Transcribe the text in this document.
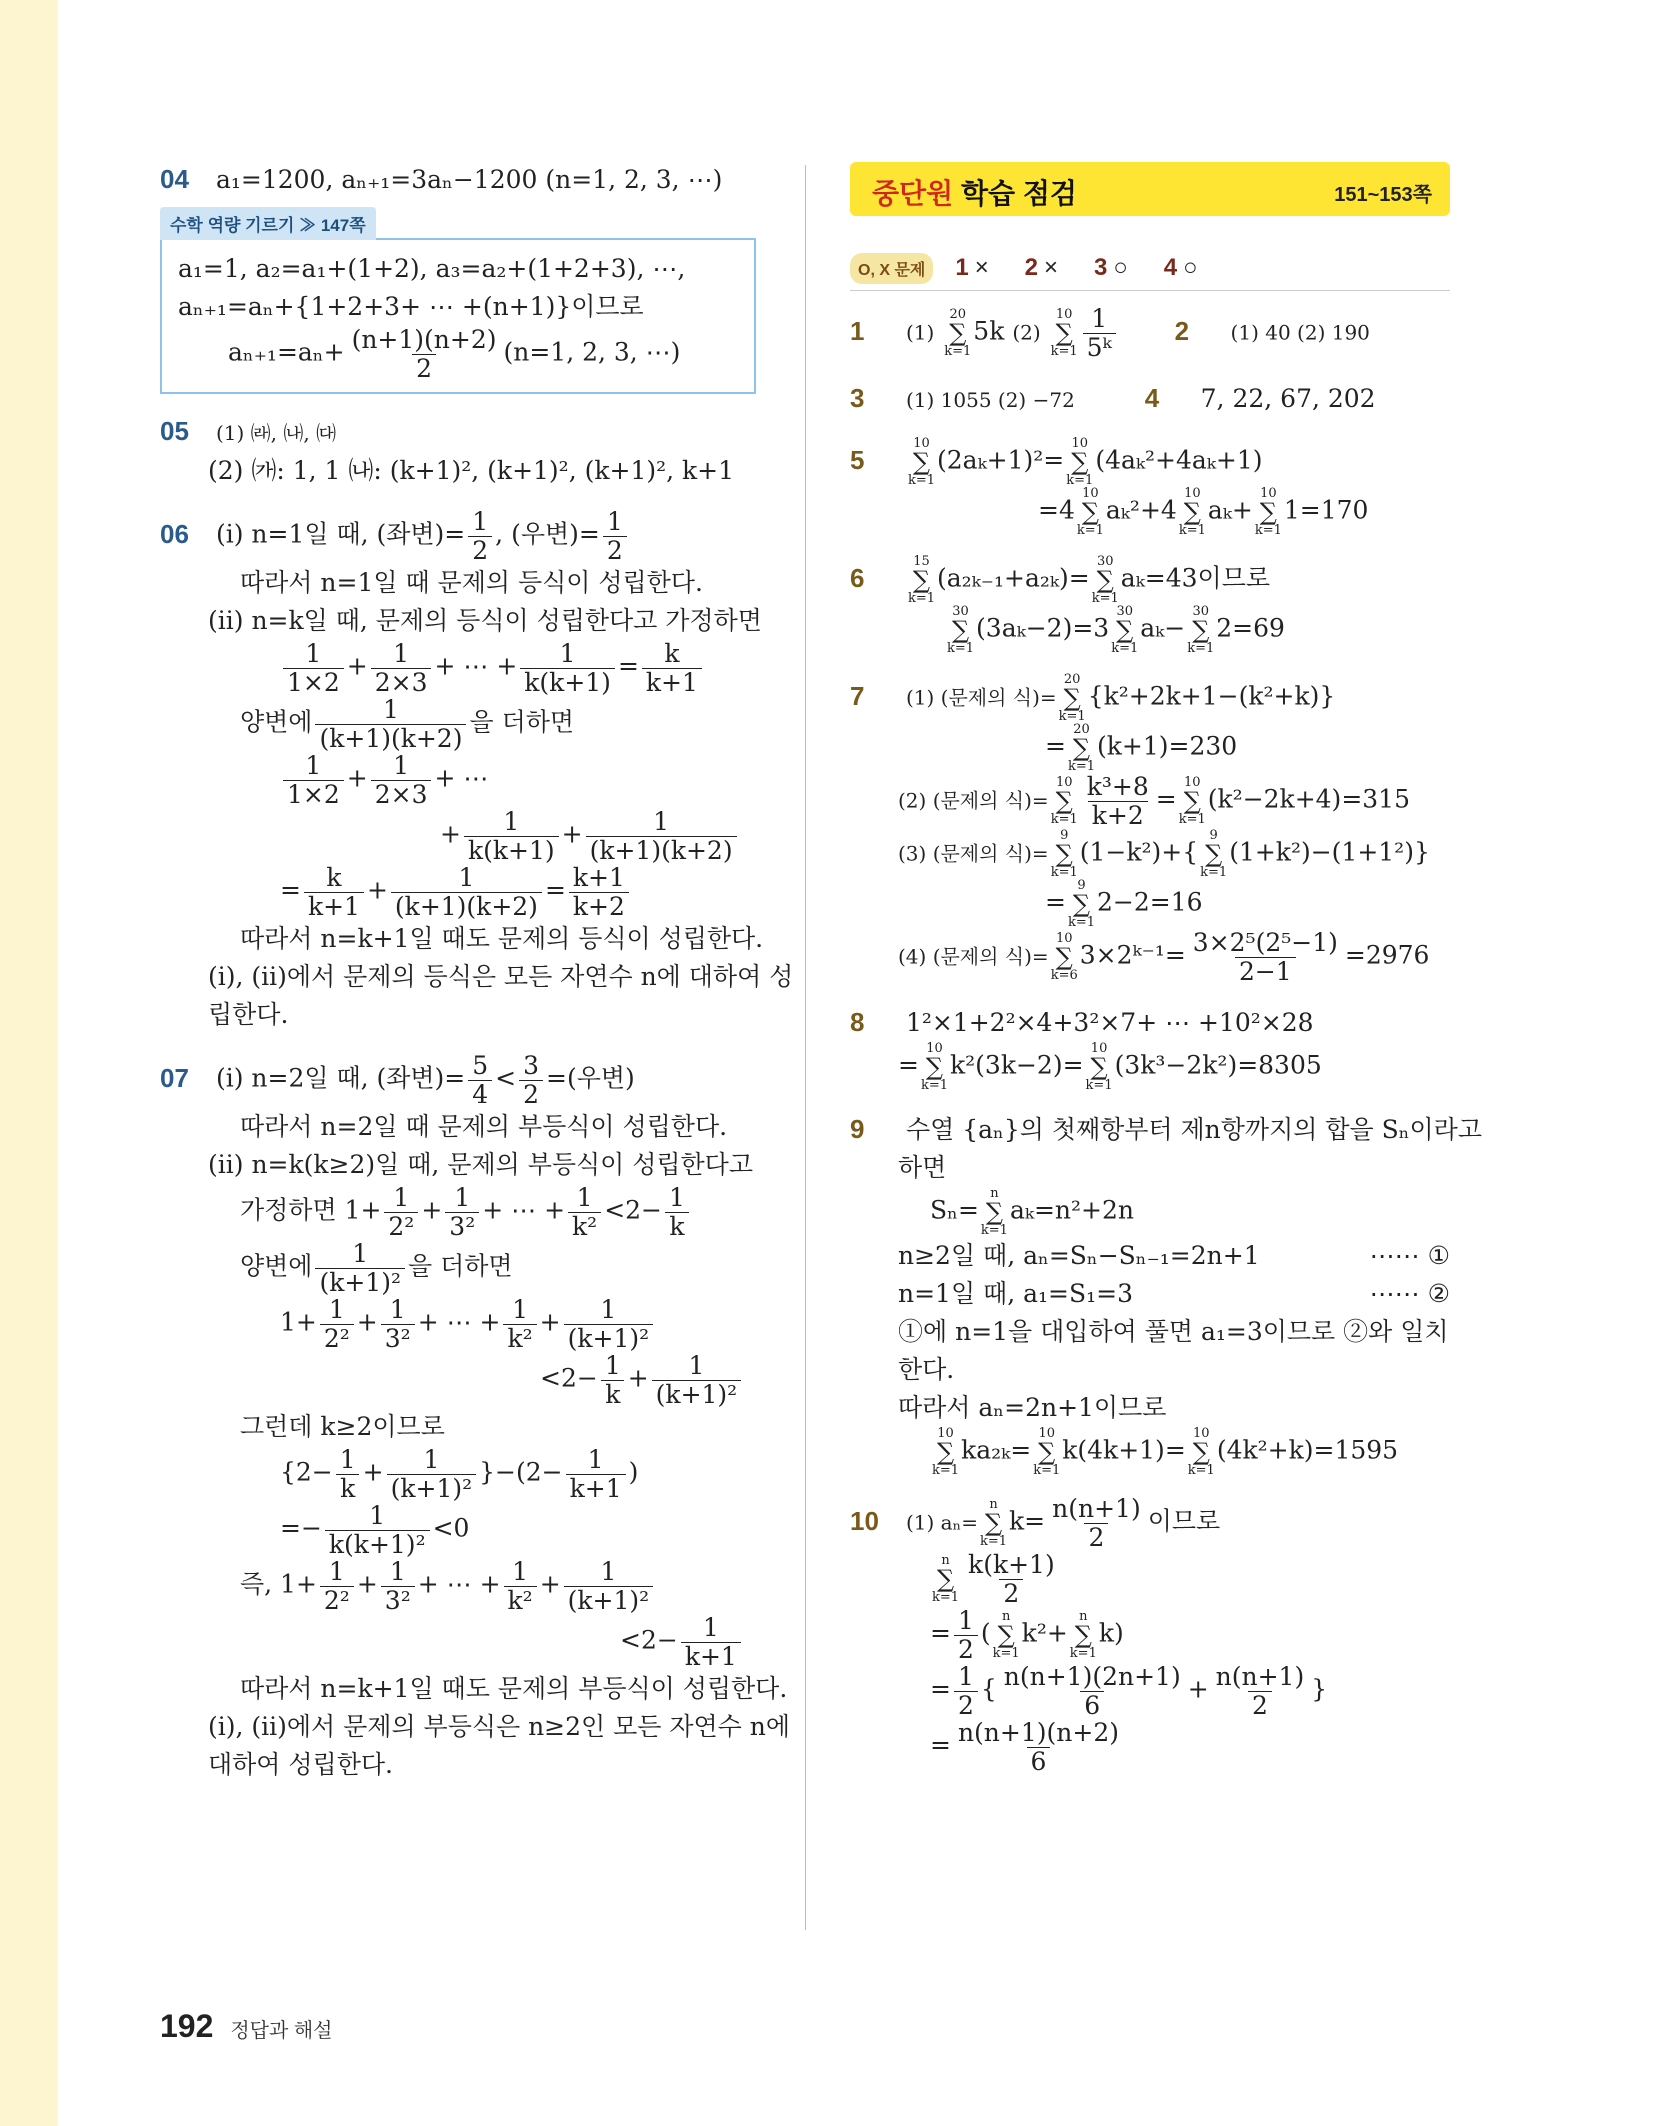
04 a₁=1200, aₙ₊₁=3aₙ−1200 (n=1, 2, 3, ⋯)
수학 역량 기르기 ≫ 147쪽
a₁=1, a₂=a₁+(1+2), a₃=a₂+(1+2+3), ⋯,
aₙ₊₁=aₙ+{1+2+3+ ⋯ +(n+1)}이므로
$a_{n+1}=a_n+ \frac{(n+1)(n+2)}{2} (n=1$, 2, 3, ⋯)
05 (1) ㈑, ㈏, ㈐
(2) ㈎: 1, 1 ㈏: (k+1)², (k+1)², (k+1)², k+1
06 (ⅰ) n=1일 때, (좌변)= $\frac{1}{2}$ , (우변)= $\frac{1}{2}$
따라서 n=1일 때 문제의 등식이 성립한다.
(ⅱ) n=k일 때, 문제의 등식이 성립한다고 가정하면
$\frac{1}{1\times 2} + \frac{1}{2\times 3}$ + ⋯ + $\frac{1}{k(k+1)} = \frac{k}{k+1}$
양변에 $\frac{1}{(k+1)(k+2)}$ 을 더하면
$\frac{1}{1\times 2} + \frac{1}{2\times 3}$ + ⋯
+ $\frac{1}{k(k+1)} + \frac{1}{(k+1)(k+2)}$
= $\frac{k}{k+1} + \frac{1}{(k+1)(k+2)} = \frac{k+1}{k+2}$
따라서 n=k+1일 때도 문제의 등식이 성립한다.
(ⅰ), (ⅱ)에서 문제의 등식은 모든 자연수 n에 대하여 성
립한다.
07 (ⅰ) n=2일 때, (좌변)= $\frac{5}{4} < \frac{3}{2}$ =(우변)
따라서 n=2일 때 문제의 부등식이 성립한다.
(ⅱ) n=k(k≥2)일 때, 문제의 부등식이 성립한다고
가정하면 $1+ \frac{1}{\text{2²}} + \frac{1}{\text{3²}}$ + ⋯ + $\frac{1}{\text{k²}} <2- \frac{1}{k}$
양변에 $\frac{1}{\text{(k+1)²}}$ 을 더하면
$1+ \frac{1}{\text{2²}} + \frac{1}{\text{3²}}$ + ⋯ + $\frac{1}{\text{k²}} + \frac{1}{\text{(k+1)²}}$
$<2- \frac{1}{k} + \frac{1}{\text{(k+1)²}}$
그런데 k≥2이므로
$\{2- \frac{1}{k} + \frac{1}{\text{(k+1)²}} \}-(2- \frac{1}{k+1}$ )
=− $\frac{1}{\text{k(k+1)²}} <0$
즉, $1+ \frac{1}{\text{2²}} + \frac{1}{\text{3²}}$ + ⋯ + $\frac{1}{\text{k²}} + \frac{1}{\text{(k+1)²}}$
$<2- \frac{1}{k+1}$
따라서 n=k+1일 때도 문제의 부등식이 성립한다.
(ⅰ), (ⅱ)에서 문제의 부등식은 n≥2인 모든 자연수 n에
대하여 성립한다.
중단원 학습 점검	151~153쪽
O, X 문제 1 × 2 × 3 ○ 4 ○
1 (1)
20
∑
k=1
5k (2)
10
∑
$k=1 \frac{1}{\text{5ᵏ}} 2$ (1) 40 (2) 190
3 (1) 1055 (2) −72	4 7, 22, 67, 202
5
10
∑
k=1
(2aₖ+1)²=
10
∑
k=1
(4aₖ²+4aₖ+1)
=4
10
∑
k=1
aₖ²+4
10
∑
k=1
aₖ+
10
∑
k=1
1=170
6
15
∑
k=1
(a₂ₖ₋₁+a₂ₖ)=
30
∑
k=1
aₖ=43이므로
30
∑
k=1
(3aₖ−2)=3
30
∑
k=1
aₖ−
30
∑
k=1
2=69
7 (1) (문제의 식)=
20
∑
k=1
{k²+2k+1−(k²+k)}
=
20
∑
k=1
(k+1)=230
(2) (문제의 식)=
10
∑
$k=1 \frac{\text{k³+8}}{k+2}$ =
10
∑
k=1
(k²−2k+4)=315
(3) (문제의 식)=
9
∑
k=1
(1−k²)+{
9
∑
k=1
(1+k²)−(1+1²)}
=
9
∑
k=1
2−2=16
(4) (문제의 식)=
10
∑
k=6
3×2ᵏ⁻¹= $\frac{\text{3×2⁵(2⁵−1)}}{2-1} =2976$
8 1²×1+2²×4+3²×7+ ⋯ +10²×28
=
10
∑
k=1
k²(3k−2)=
10
∑
k=1
(3k³−2k²)=8305
9 수열 {aₙ}의 첫째항부터 제n항까지의 합을 Sₙ이라고
하면
Sₙ=
n
∑
k=1
aₖ=n²+2n
n≥2일 때, aₙ=Sₙ−Sₙ₋₁=2n+1	⋯⋯ ①
n=1일 때, a₁=S₁=3	⋯⋯ ②
①에 n=1을 대입하여 풀면 a₁=3이므로 ②와 일치
한다.
따라서 aₙ=2n+1이므로
10
∑
k=1
ka₂ₖ=
10
∑
k=1
k(4k+1)=
10
∑
k=1
(4k²+k)=1595
10 (1) aₙ=
n
∑
k=1
$k= \frac{n(n+1)}{2}$ 이므로
n
∑
$k=1 \frac{k(k+1)}{2}$
= $\frac{1}{2}$ (
n
∑
k=1
k²+
n
∑
k=1
k)
= $\frac{1}{2}$ { $\frac{n(n+1)(2n+1)}{6} + \frac{n(n+1)}{2}$ }
= $\frac{n(n+1)(n+2)}{6}$
192 정답과 해설
